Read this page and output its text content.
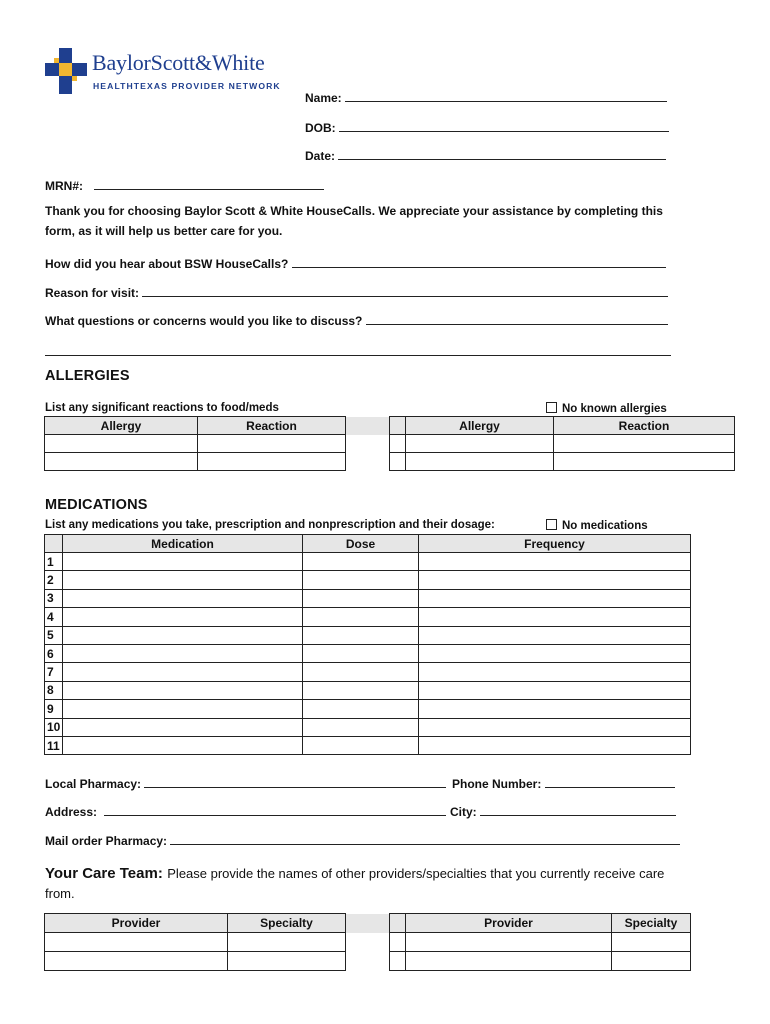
BaylorScott&White
HEALTHTEXAS PROVIDER NETWORK
Name:
DOB:
Date:
MRN#:
Thank you for choosing Baylor Scott & White HouseCalls. We appreciate your assistance by completing this form, as it will help us better care for you.
How did you hear about BSW HouseCalls?
Reason for visit:
What questions or concerns would you like to discuss?
ALLERGIES
List any significant reactions to food/meds	No known allergies
Allergy	Reaction			Allergy	Reaction

MEDICATIONS
List any medications you take, prescription and nonprescription and their dosage:	No medications
	Medication	Dose	Frequency
1			
2			
3			
4			
5			
6			
7			
8			
9			
10			
11			
Local Pharmacy:	Phone Number:
Address:	City:
Mail order Pharmacy:
Your Care Team: Please provide the names of other providers/specialties that you currently receive care from.
Provider	Specialty			Provider	Specialty
